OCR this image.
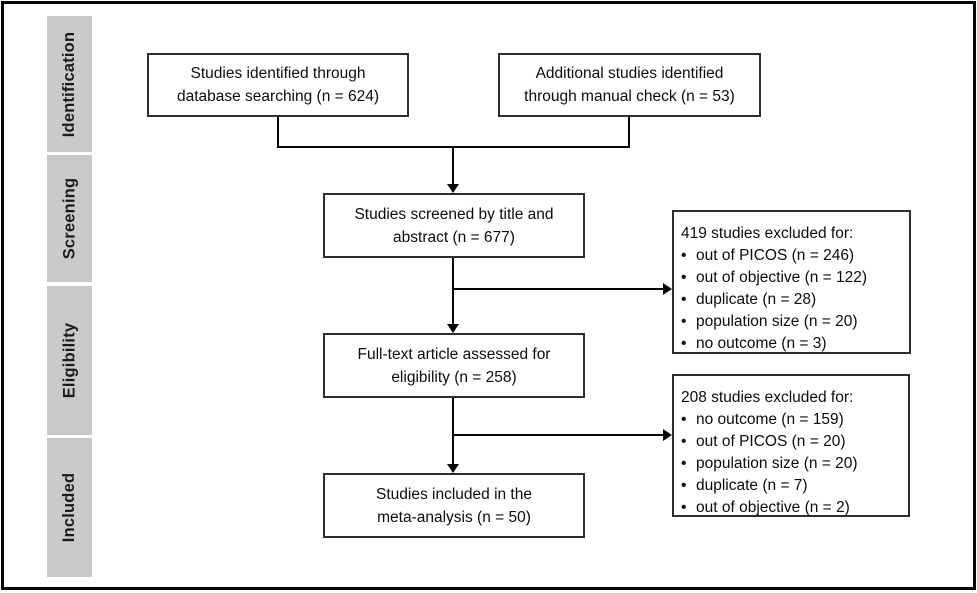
Identification
Screening
Eligibility
Included
Studies identified through
database searching (n = 624)
Additional studies identified
through manual check (n = 53)
Studies screened by title and
abstract (n = 677)	419 studies excluded for:
• out of PICOS (n = 246)
• out of objective (n = 122)
• duplicate (n = 28)
• population size (n = 20)
• no outcome (n = 3)
Full-text article assessed for
eligibility (n = 258)
208 studies excluded for:
• no outcome (n = 159)
• out of PICOS (n = 20)
• population size (n = 20)
• duplicate (n = 7)
• out of objective (n = 2)
Studies included in the
meta-analysis (n = 50)
